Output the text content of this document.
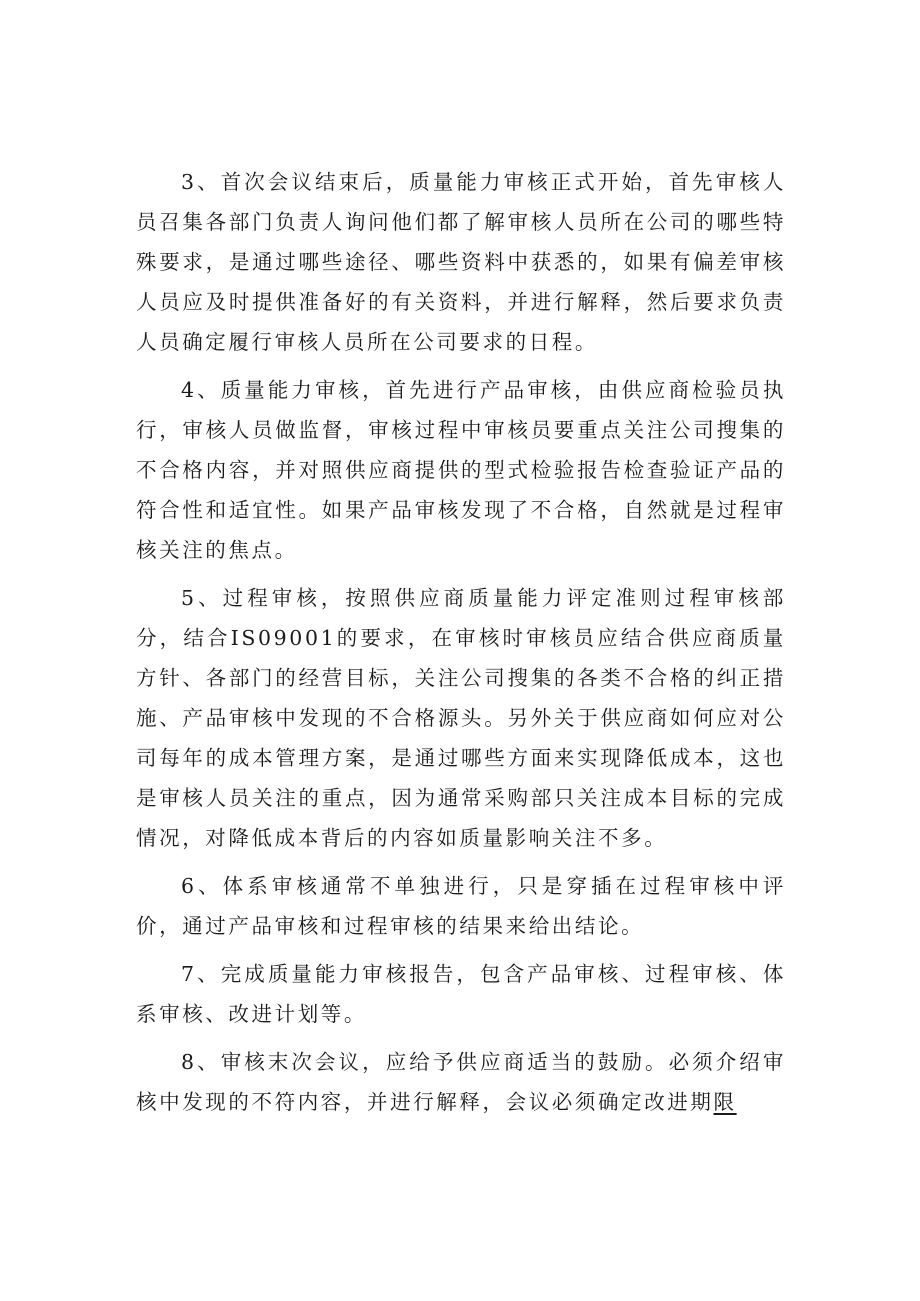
3、首次会议结束后，质量能力审核正式开始，首先审核人员召集各部门负责人询问他们都了解审核人员所在公司的哪些特殊要求，是通过哪些途径、哪些资料中获悉的，如果有偏差审核人员应及时提供准备好的有关资料，并进行解释，然后要求负责人员确定履行审核人员所在公司要求的日程。

4、质量能力审核，首先进行产品审核，由供应商检验员执行，审核人员做监督，审核过程中审核员要重点关注公司搜集的不合格内容，并对照供应商提供的型式检验报告检查验证产品的符合性和适宜性。如果产品审核发现了不合格，自然就是过程审核关注的焦点。

5、过程审核，按照供应商质量能力评定准则过程审核部分，结合IS09001的要求，在审核时审核员应结合供应商质量方针、各部门的经营目标，关注公司搜集的各类不合格的纠正措施、产品审核中发现的不合格源头。另外关于供应商如何应对公司每年的成本管理方案，是通过哪些方面来实现降低成本，这也是审核人员关注的重点，因为通常采购部只关注成本目标的完成情况，对降低成本背后的内容如质量影响关注不多。

6、体系审核通常不单独进行，只是穿插在过程审核中评价，通过产品审核和过程审核的结果来给出结论。

7、完成质量能力审核报告，包含产品审核、过程审核、体系审核、改进计划等。

8、审核末次会议，应给予供应商适当的鼓励。必须介绍审核中发现的不符内容，并进行解释，会议必须确定改进期限
